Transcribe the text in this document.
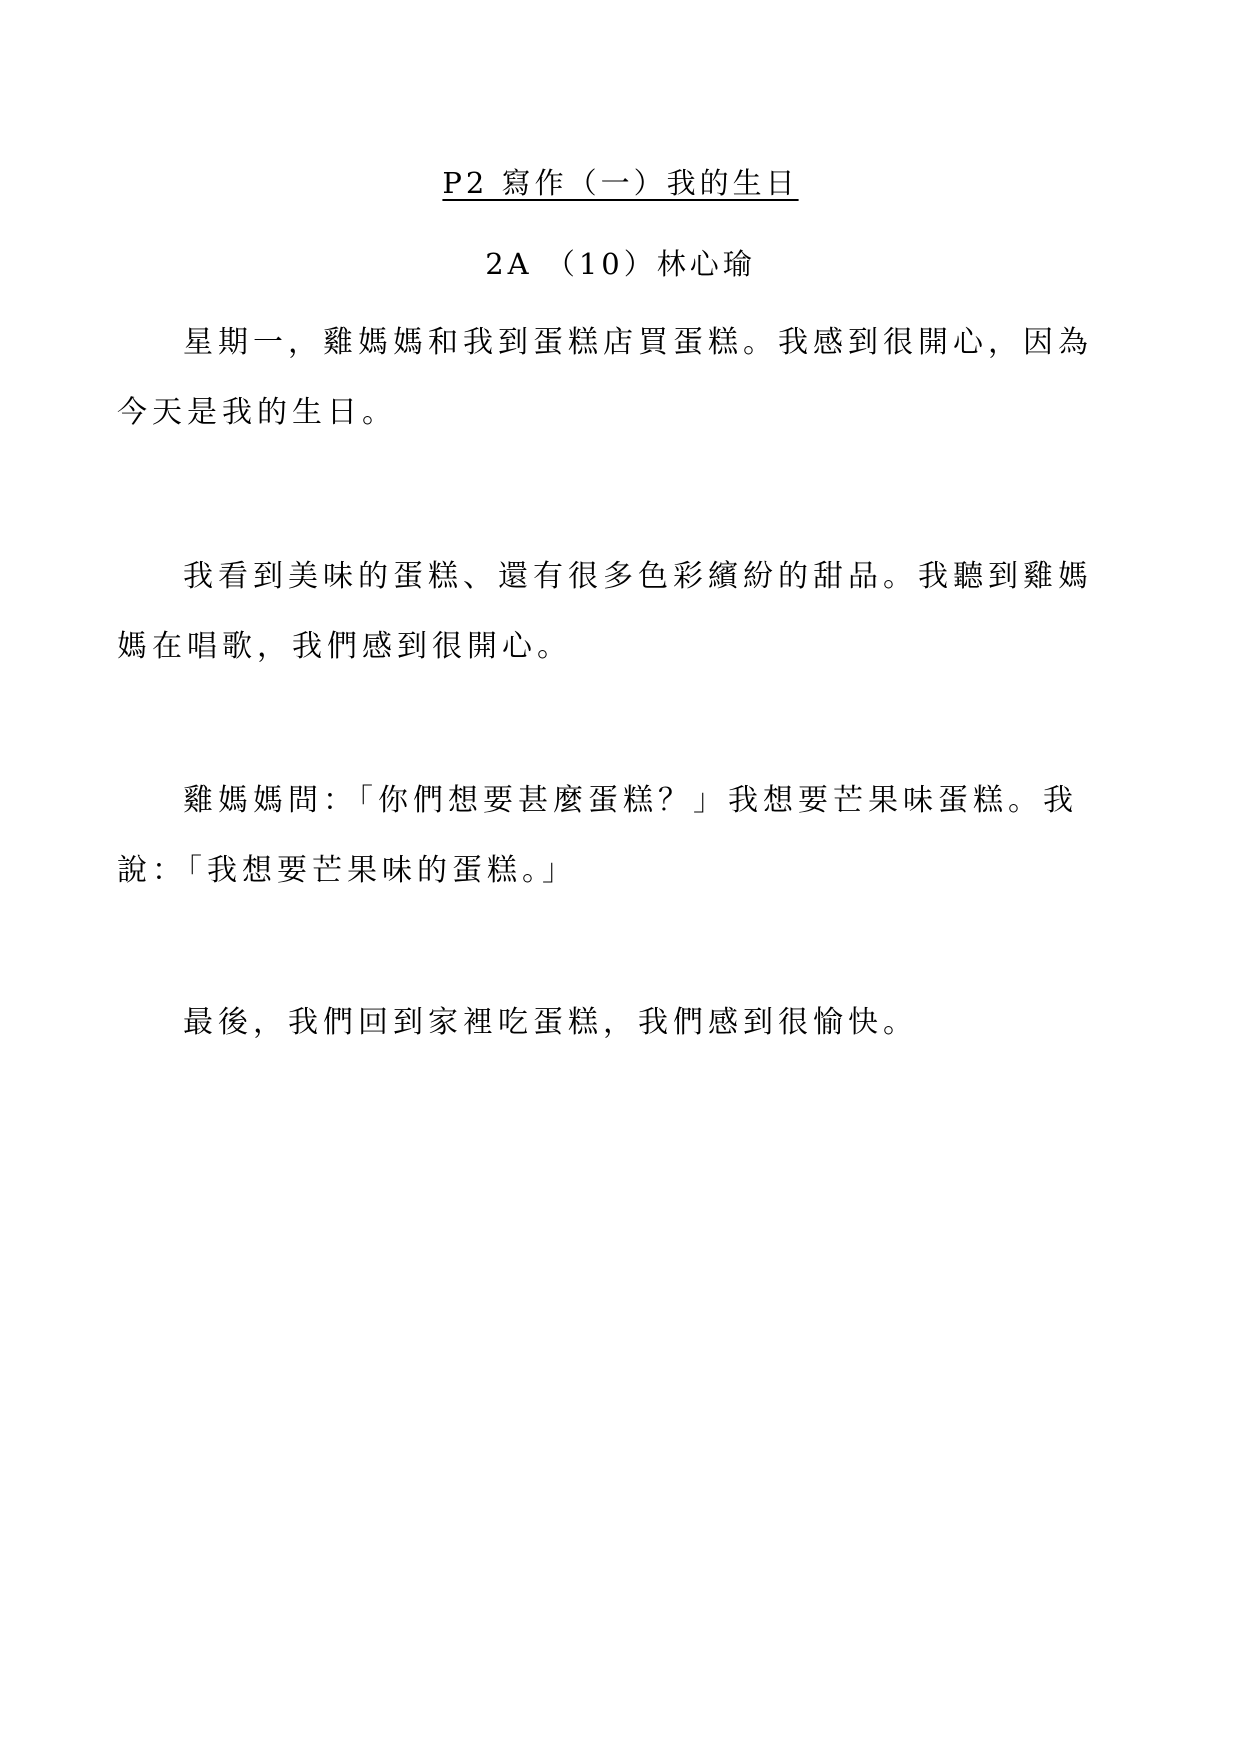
P2 寫作（一）我的生日
2A （10）林心瑜

星期一，雞媽媽和我到蛋糕店買蛋糕。我感到很開心，因為今天是我的生日。

我看到美味的蛋糕、還有很多色彩繽紛的甜品。我聽到雞媽媽在唱歌，我們感到很開心。

雞媽媽問：「你們想要甚麼蛋糕？」我想要芒果味蛋糕。我說：「我想要芒果味的蛋糕。」

最後，我們回到家裡吃蛋糕，我們感到很愉快。
